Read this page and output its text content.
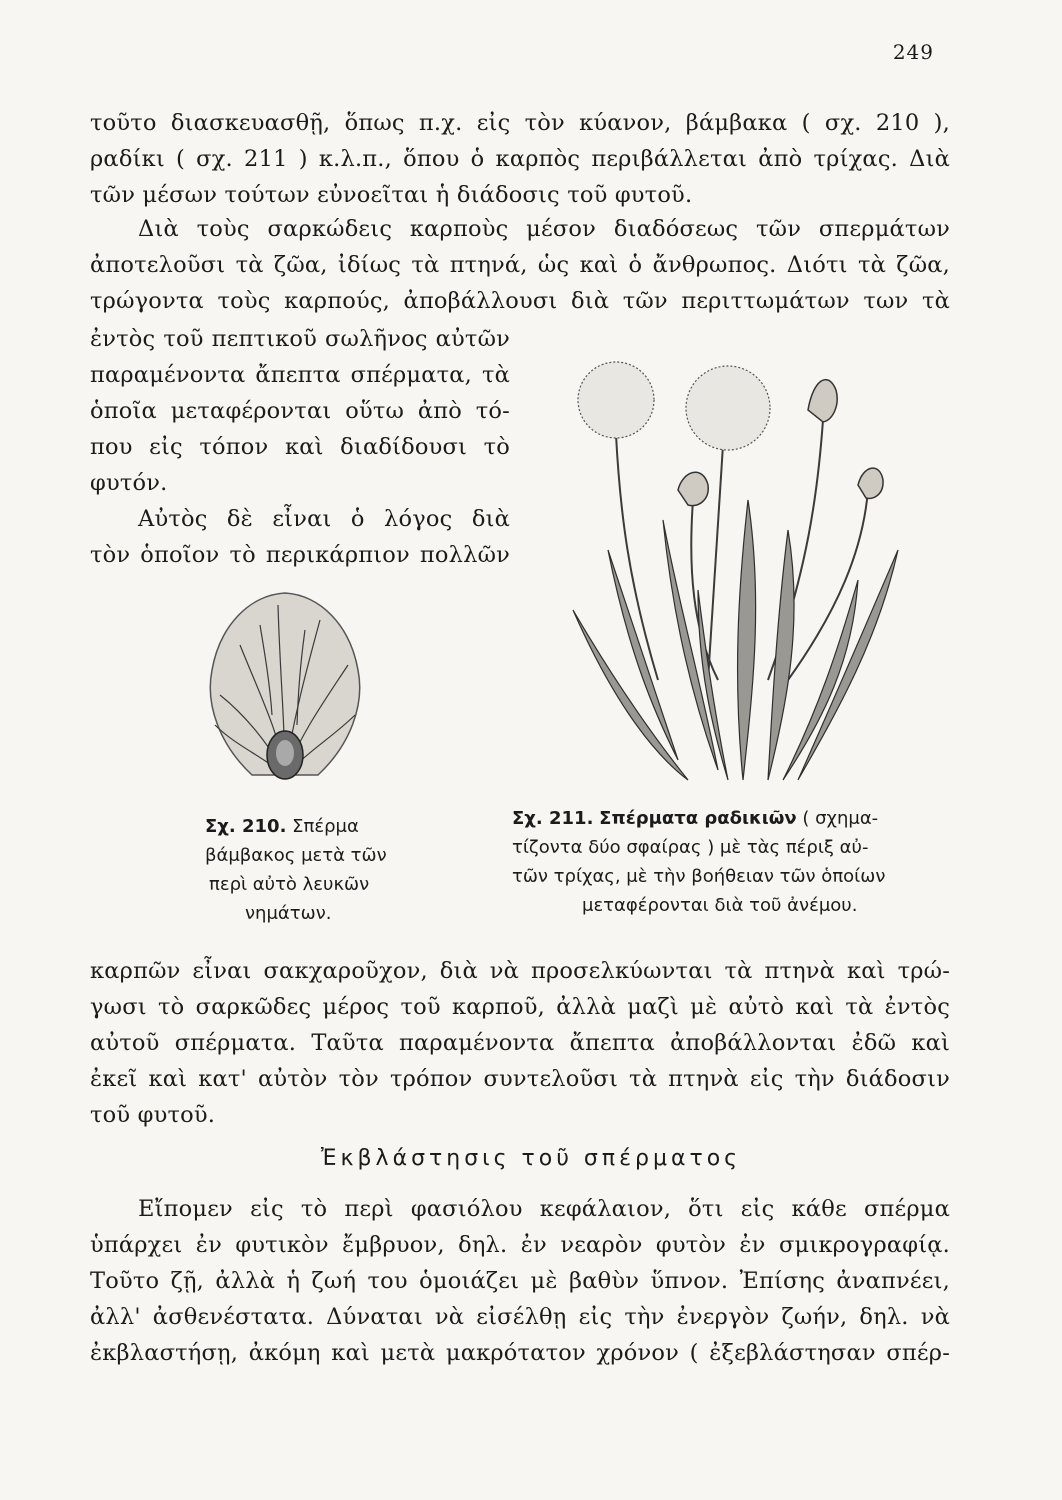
249
τοῦτο διασκευασθῇ, ὅπως π.χ. εἰς τὸν κύανον, βάμβακα ( σχ. 210 ),
ραδίκι ( σχ. 211 ) κ.λ.π., ὅπου ὁ καρπὸς περιβάλλεται ἀπὸ τρίχας. Διὰ
τῶν μέσων τούτων εὐνοεῖται ἡ διάδοσις τοῦ φυτοῦ.
Διὰ τοὺς σαρκώδεις καρποὺς μέσον διαδόσεως τῶν σπερμάτων
ἀποτελοῦσι τὰ ζῶα, ἰδίως τὰ πτηνά, ὡς καὶ ὁ ἄνθρωπος. Διότι τὰ ζῶα,
τρώγοντα τοὺς καρπούς, ἀποβάλλουσι διὰ τῶν περιττωμάτων των τὰ
ἐντὸς τοῦ πεπτικοῦ σωλῆνος αὐτῶν
παραμένοντα ἄπεπτα σπέρματα, τὰ
ὁποῖα μεταφέρονται οὕτω ἀπὸ τό-
που εἰς τόπον καὶ διαδίδουσι τὸ
φυτόν.
Αὐτὸς δὲ εἶναι ὁ λόγος διὰ
τὸν ὁποῖον τὸ περικάρπιον πολλῶν
Σχ. 210. Σπέρμα
βάμβακος μετὰ τῶν
περὶ αὐτὸ λευκῶν
νημάτων.
Σχ. 211. Σπέρματα ραδικιῶν ( σχημα-
τίζοντα δύο σφαίρας ) μὲ τὰς πέριξ αὐ-
τῶν τρίχας, μὲ τὴν βοήθειαν τῶν ὁποίων
μεταφέρονται διὰ τοῦ ἀνέμου.
καρπῶν εἶναι σακχαροῦχον, διὰ νὰ προσελκύωνται τὰ πτηνὰ καὶ τρώ-
γωσι τὸ σαρκῶδες μέρος τοῦ καρποῦ, ἀλλὰ μαζὶ μὲ αὐτὸ καὶ τὰ ἐντὸς
αὐτοῦ σπέρματα. Ταῦτα παραμένοντα ἄπεπτα ἀποβάλλονται ἐδῶ καὶ
ἐκεῖ καὶ κατ' αὐτὸν τὸν τρόπον συντελοῦσι τὰ πτηνὰ εἰς τὴν διάδοσιν
τοῦ φυτοῦ.
Ἐκβλάστησις τοῦ σπέρματος
Εἴπομεν εἰς τὸ περὶ φασιόλου κεφάλαιον, ὅτι εἰς κάθε σπέρμα
ὑπάρχει ἐν φυτικὸν ἔμβρυον, δηλ. ἐν νεαρὸν φυτὸν ἐν σμικρογραφίᾳ.
Τοῦτο ζῇ, ἀλλὰ ἡ ζωή του ὁμοιάζει μὲ βαθὺν ὕπνον. Ἐπίσης ἀναπνέει,
ἀλλ' ἀσθενέστατα. Δύναται νὰ εἰσέλθῃ εἰς τὴν ἐνεργὸν ζωήν, δηλ. νὰ
ἐκβλαστήσῃ, ἀκόμη καὶ μετὰ μακρότατον χρόνον ( ἐξεβλάστησαν σπέρ-
